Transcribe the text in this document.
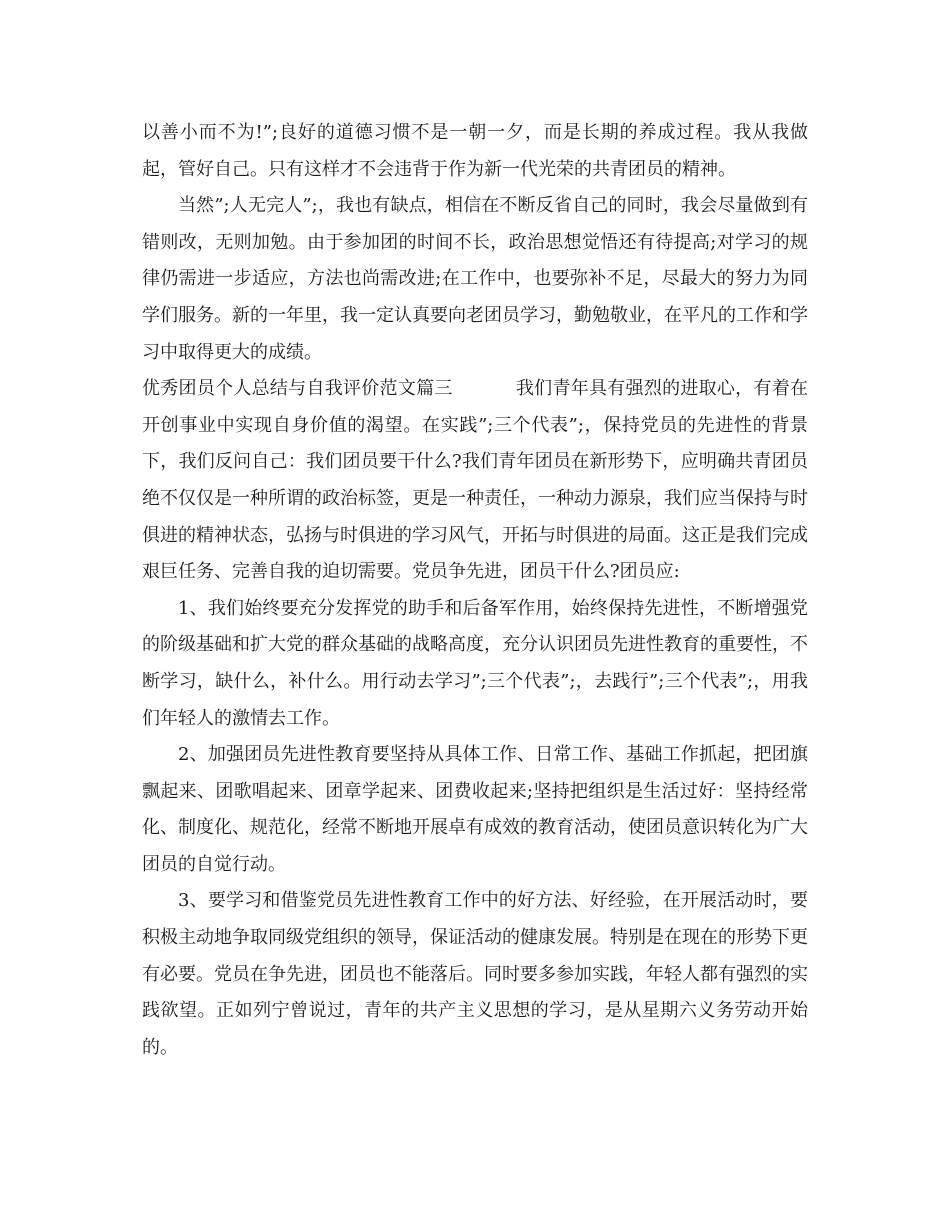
以善小而不为!”;良好的道德习惯不是一朝一夕，而是长期的养成过程。我从我做起，管好自己。只有这样才不会违背于作为新一代光荣的共青团员的精神。

当然”;人无完人”;，我也有缺点，相信在不断反省自己的同时，我会尽量做到有错则改，无则加勉。由于参加团的时间不长，政治思想觉悟还有待提高;对学习的规律仍需进一步适应，方法也尚需改进;在工作中，也要弥补不足，尽最大的努力为同学们服务。新的一年里，我一定认真要向老团员学习，勤勉敬业，在平凡的工作和学习中取得更大的成绩。

优秀团员个人总结与自我评价范文篇三	我们青年具有强烈的进取心，有着在开创事业中实现自身价值的渴望。在实践”;三个代表”;，保持党员的先进性的背景下，我们反问自己：我们团员要干什么?我们青年团员在新形势下，应明确共青团员绝不仅仅是一种所谓的政治标签，更是一种责任，一种动力源泉，我们应当保持与时俱进的精神状态，弘扬与时俱进的学习风气，开拓与时俱进的局面。这正是我们完成艰巨任务、完善自我的迫切需要。党员争先进，团员干什么?团员应:

1、我们始终要充分发挥党的助手和后备军作用，始终保持先进性，不断增强党的阶级基础和扩大党的群众基础的战略高度，充分认识团员先进性教育的重要性，不断学习，缺什么，补什么。用行动去学习”;三个代表”;，去践行”;三个代表”;，用我们年轻人的激情去工作。

2、加强团员先进性教育要坚持从具体工作、日常工作、基础工作抓起，把团旗飘起来、团歌唱起来、团章学起来、团费收起来;坚持把组织是生活过好：坚持经常化、制度化、规范化，经常不断地开展卓有成效的教育活动，使团员意识转化为广大团员的自觉行动。

3、要学习和借鉴党员先进性教育工作中的好方法、好经验，在开展活动时，要积极主动地争取同级党组织的领导，保证活动的健康发展。特别是在现在的形势下更有必要。党员在争先进，团员也不能落后。同时要多参加实践，年轻人都有强烈的实践欲望。正如列宁曾说过，青年的共产主义思想的学习，是从星期六义务劳动开始的。
